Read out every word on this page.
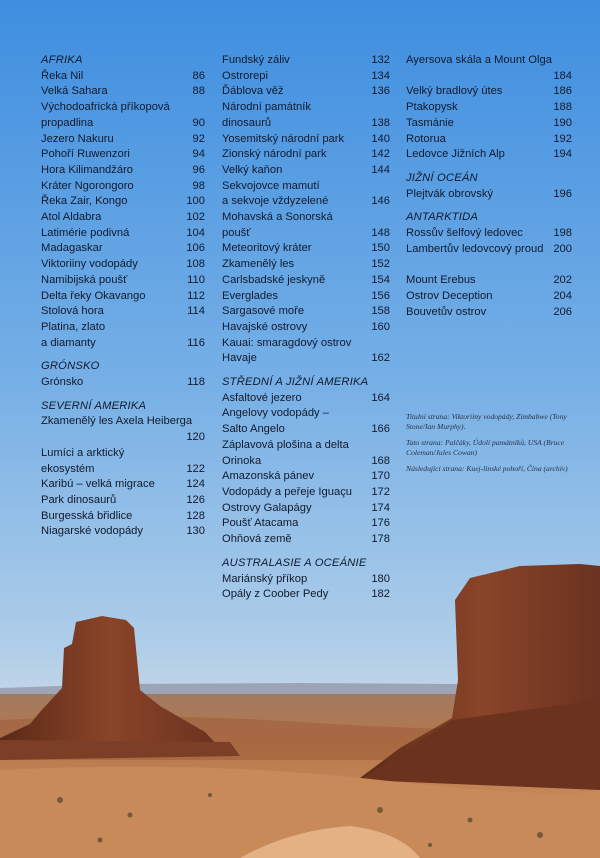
AFRIKA
Řeka Nil	86
Velká Sahara	88
Východoafrická příkopová
propadlina	90
Jezero Nakuru	92
Pohoří Ruwenzori	94
Hora Kilimandžáro	96
Kráter Ngorongoro	98
Řeka Zair, Kongo	100
Atol Aldabra	102
Latimérie podivná	104
Madagaskar	106
Viktoriiny vodopády	108
Namibijská poušť	110
Delta řeky Okavango	112
Stolová hora	114
Platina, zlato
a diamanty	116
GRÓNSKO
Grónsko	118
SEVERNÍ AMERIKA
Zkamenělý les Axela Heiberga
120
Lumíci a arktický ekosystém	122
Karibú – velká migrace	124
Park dinosaurů	126
Burgesská břidlice	128
Niagarské vodopády	130
Fundský záliv	132
Ostrorepi	134
Ďáblova věž	136
Národní památník dinosaurů	138
Yosemitský národní park	140
Zionský národní park	142
Velký kaňon	144
Sekvojovce mamutí
a sekvoje vždyzelené	146
Mohavská a Sonorská poušť	148
Meteoritový kráter	150
Zkamenělý les	152
Carlsbadské jeskyně	154
Everglades	156
Sargasové moře	158
Havajské ostrovy	160
Kauai: smaragdový ostrov
Havaje	162
STŘEDNÍ A JIŽNÍ AMERIKA
Asfaltové jezero	164
Angelovy vodopády –
Salto Angelo	166
Záplavová plošina a delta
Orinoka	168
Amazonská pánev	170
Vodopády a peřeje Iguaçu	172
Ostrovy Galapágy	174
Poušť Atacama	176
Ohňová země	178
AUSTRALASIE A OCEÁNIE
Mariánský příkop	180
Opály z Coober Pedy	182
Ayersova skála a Mount Olga
184
Velký bradlový útes	186
Ptakopysk	188
Tasmánie	190
Rotorua	192
Ledovce Jižních Alp	194
JIŽNÍ OCEÁN
Plejtvák obrovský	196
ANTARKTIDA
Rossův šelfový ledovec	198
Lambertův ledovcový proud 200
Mount Erebus	202
Ostrov Deception	204
Bouvetův ostrov	206
Titulní strana: Viktoriiny vodopády, Zimbabwe (Tony Stone/Ian Murphy).
Tato strana: Palčáky, Údolí památníků, USA (Bruce Coleman/Jules Cowan)
Následující strana: Kuej-linské pohoří, Čína (archiv)
